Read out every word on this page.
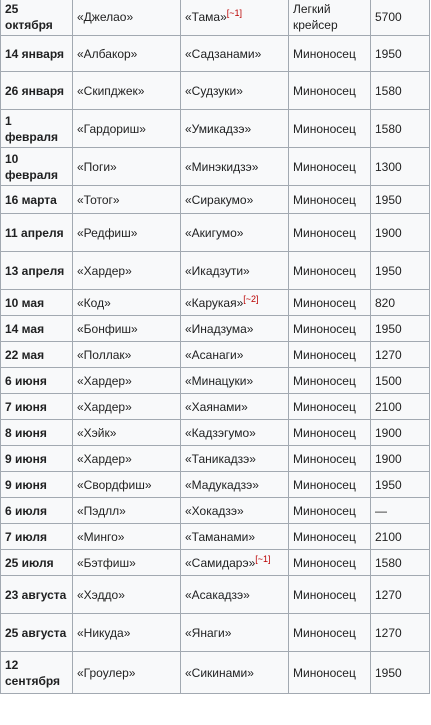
25 октября	«Джелао»	«Тама»[~1]	Легкий крейсер	5700
14 января	«Албакор»	«Садзанами»	Миноносец	1950
26 января	«Скипджек»	«Судзуки»	Миноносец	1580
1 февраля	«Гардориш»	«Умикадзэ»	Миноносец	1580
10 февраля	«Поги»	«Минэкидзэ»	Миноносец	1300
16 марта	«Тотог»	«Сиракумо»	Миноносец	1950
11 апреля	«Редфиш»	«Акигумо»	Миноносец	1900
13 апреля	«Хардер»	«Икадзути»	Миноносец	1950
10 мая	«Код»	«Карукая»[~2]	Миноносец	820
14 мая	«Бонфиш»	«Инадзума»	Миноносец	1950
22 мая	«Поллак»	«Асанаги»	Миноносец	1270
6 июня	«Хардер»	«Минацуки»	Миноносец	1500
7 июня	«Хардер»	«Хаянами»	Миноносец	2100
8 июня	«Хэйк»	«Кадзэгумо»	Миноносец	1900
9 июня	«Хардер»	«Таникадзэ»	Миноносец	1900
9 июня	«Свордфиш»	«Мадукадзэ»	Миноносец	1950
6 июля	«Пэдлл»	«Хокадзэ»	Миноносец	—
7 июля	«Минго»	«Таманами»	Миноносец	2100
25 июля	«Бэтфиш»	«Самидарэ»[~1]	Миноносец	1580
23 августа	«Хэддо»	«Асакадзэ»	Миноносец	1270
25 августа	«Никуда»	«Янаги»	Миноносец	1270
12 сентября	«Гроулер»	«Сикинами»	Миноносец	1950
